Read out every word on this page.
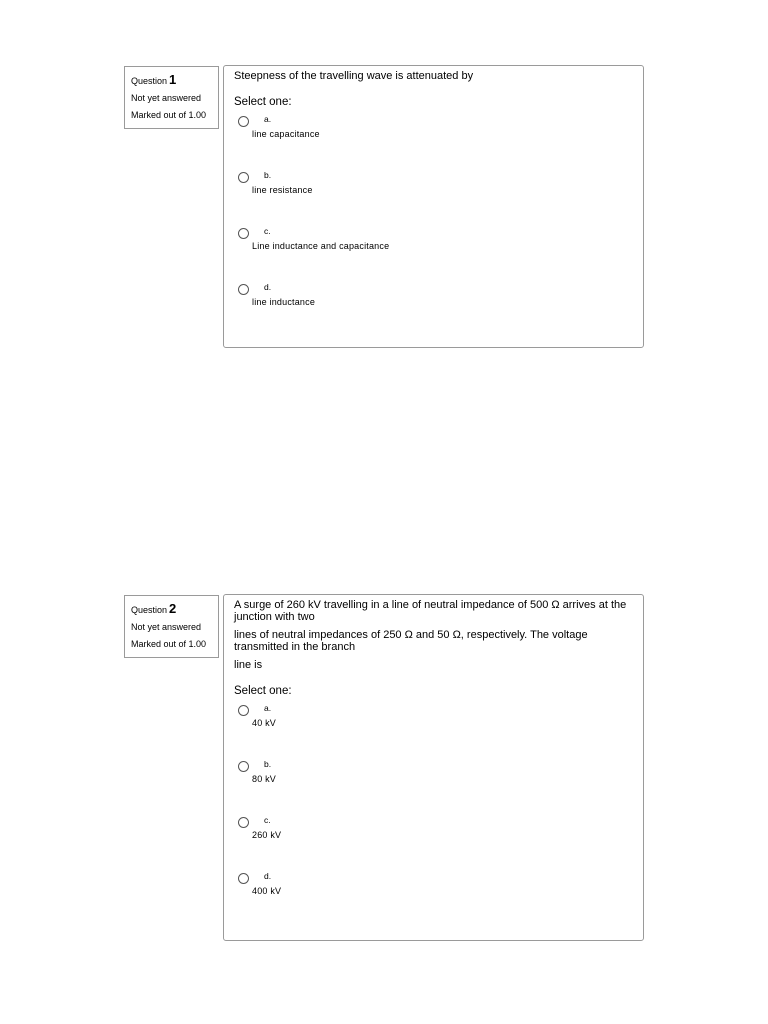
Question 1
Not yet answered
Marked out of 1.00

Steepness of the travelling wave is attenuated by

Select one:
a.
line capacitance
b.
line resistance
c.
Line inductance and capacitance
d.
line inductance
Question 2
Not yet answered
Marked out of 1.00

A surge of 260 kV travelling in a line of neutral impedance of 500 Ω arrives at the junction with two

lines of neutral impedances of 250 Ω and 50 Ω, respectively. The voltage transmitted in the branch

line is

Select one:
a.
40 kV
b.
80 kV
c.
260 kV
d.
400 kV
